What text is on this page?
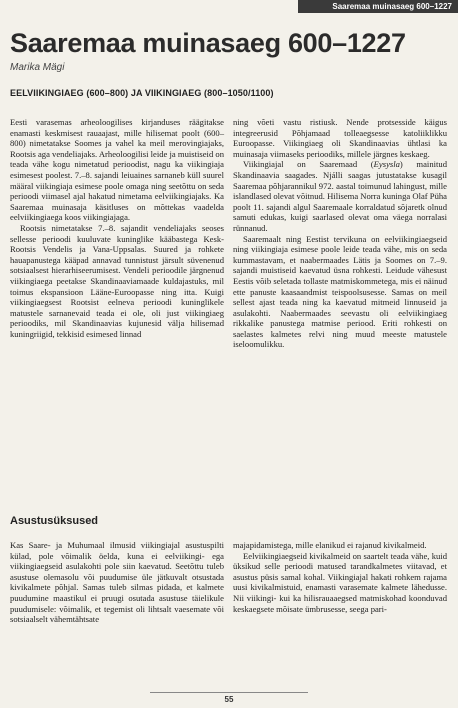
Saaremaa muinasaeg 600–1227
Saaremaa muinasaeg 600–1227
Marika Mägi
EELVIIKINGIAEG (600–800) JA VIIKINGIAEG (800–1050/1100)

Eesti varasemas arheoloogilises kirjanduses räägitakse enamasti keskmisest rauaajast, mille hilisemat poolt (600–800) nimetatakse Soomes ja vahel ka meil merovingiajaks, Rootsis aga vendeliajaks. Arheoloogilisi leide ja muistiseid on teada vähe kogu nimetatud perioodist, nagu ka viikingiaja esimesest poolest. 7.–8. sajandi leiuaines sarnaneb küll suurel määral viikingiaja esimese poole omaga ning seetõttu on seda perioodi viimasel ajal hakatud nimetama eelviikingiajaks. Ka Saaremaa muinasaja käsitluses on mõttekas vaadelda eelviikingiaega koos viikingiajaga.

Rootsis nimetatakse 7.–8. sajandit vendeliajaks seoses sellesse perioodi kuuluvate kuninglike kääbastega Kesk-Rootsis Vendelis ja Vana-Uppsalas. Suured ja rohkete hauapanustega kääpad annavad tunnistust järsult süvenenud sotsiaalsest hierarhiseerumisest. Vendeli perioodile järgnenud viikingiaega peetakse Skandinaaviamaade kuldajastuks, mil toimus ekspansioon Lääne-Euroopasse ning itta. Kuigi viikingiaegsest Rootsist eelneva perioodi kuninglikele matustele sarnanevaid teada ei ole, oli just viikingiaeg perioodiks, mil Skandinaavias kujunesid välja hilisemad kuningriigid, tekkisid esimesed linnad

ning võeti vastu ristiusk. Nende protsesside käigus integreerusid Põhjamaad tolleaegsesse katoliiklikku Euroopasse. Viikingiaeg oli Skandinaavias ühtlasi ka muinasaja viimaseks perioodiks, millele järgnes keskaeg.

Viikingiajal on Saaremaad (Eysysla) mainitud Skandinaavia saagades. Njálli saagas jutustatakse kusagil Saaremaa põhjarannikul 972. aastal toimunud lahingust, mille islandlased olevat võitnud. Hilisema Norra kuninga Olaf Püha poolt 11. sajandi algul Saaremaale korraldatud sõjaretk olnud samuti edukas, kuigi saarlased olevat oma väega norralasi rünnanud.

Saaremaalt ning Eestist tervikuna on eelviikingiaegseid ning viikingiaja esimese poole leide teada vähe, mis on seda kummastavam, et naabermaades Lätis ja Soomes on 7.–9. sajandi muistiseid kaevatud üsna rohkesti. Leidude vähesust Eestis võib seletada tollaste matmiskommetega, mis ei näinud ette panuste kaasaandmist teispoolsusesse. Samas on meil sellest ajast teada ning ka kaevatud mitmeid linnuseid ja asulakohti. Naabermaades seevastu oli eelviikingiaeg rikkalike panustega matmise periood. Eriti rohkesti on saelastes kalmetes relvi ning muud meeste matustele iseloomulikku.

Asustusüksused

Kas Saare- ja Muhumaal ilmusid viikingiajal asustuspilti külad, pole võimalik öelda, kuna ei eelviikingi- ega viikingiaegseid asulakohti pole siin kaevatud. Seetõttu tuleb asustuse olemasolu või puudumise üle jätkuvalt otsustada kivikalmete põhjal. Samas tuleb silmas pidada, et kalmete puudumine maastikul ei pruugi osutada asustuse täielikule puudumisele: võimalik, et tegemist oli lihtsalt vaesemate või sotsiaalselt vähemtähtsate

majapidamistega, mille elanikud ei rajanud kivikalmeid.

Eelviikingiaegseid kivikalmeid on saartelt teada vähe, kuid üksikud selle perioodi matused tarandkalmetes viitavad, et asustus püsis samal kohal. Viikingiajal hakati rohkem rajama uusi kivikalmistuid, enamasti varasemate kalmete lähedusse. Nii viikingi- kui ka hilisrauaaegsed matmiskohad koonduvad keskaegsete mõisate ümbrusesse, seega pari-

55
